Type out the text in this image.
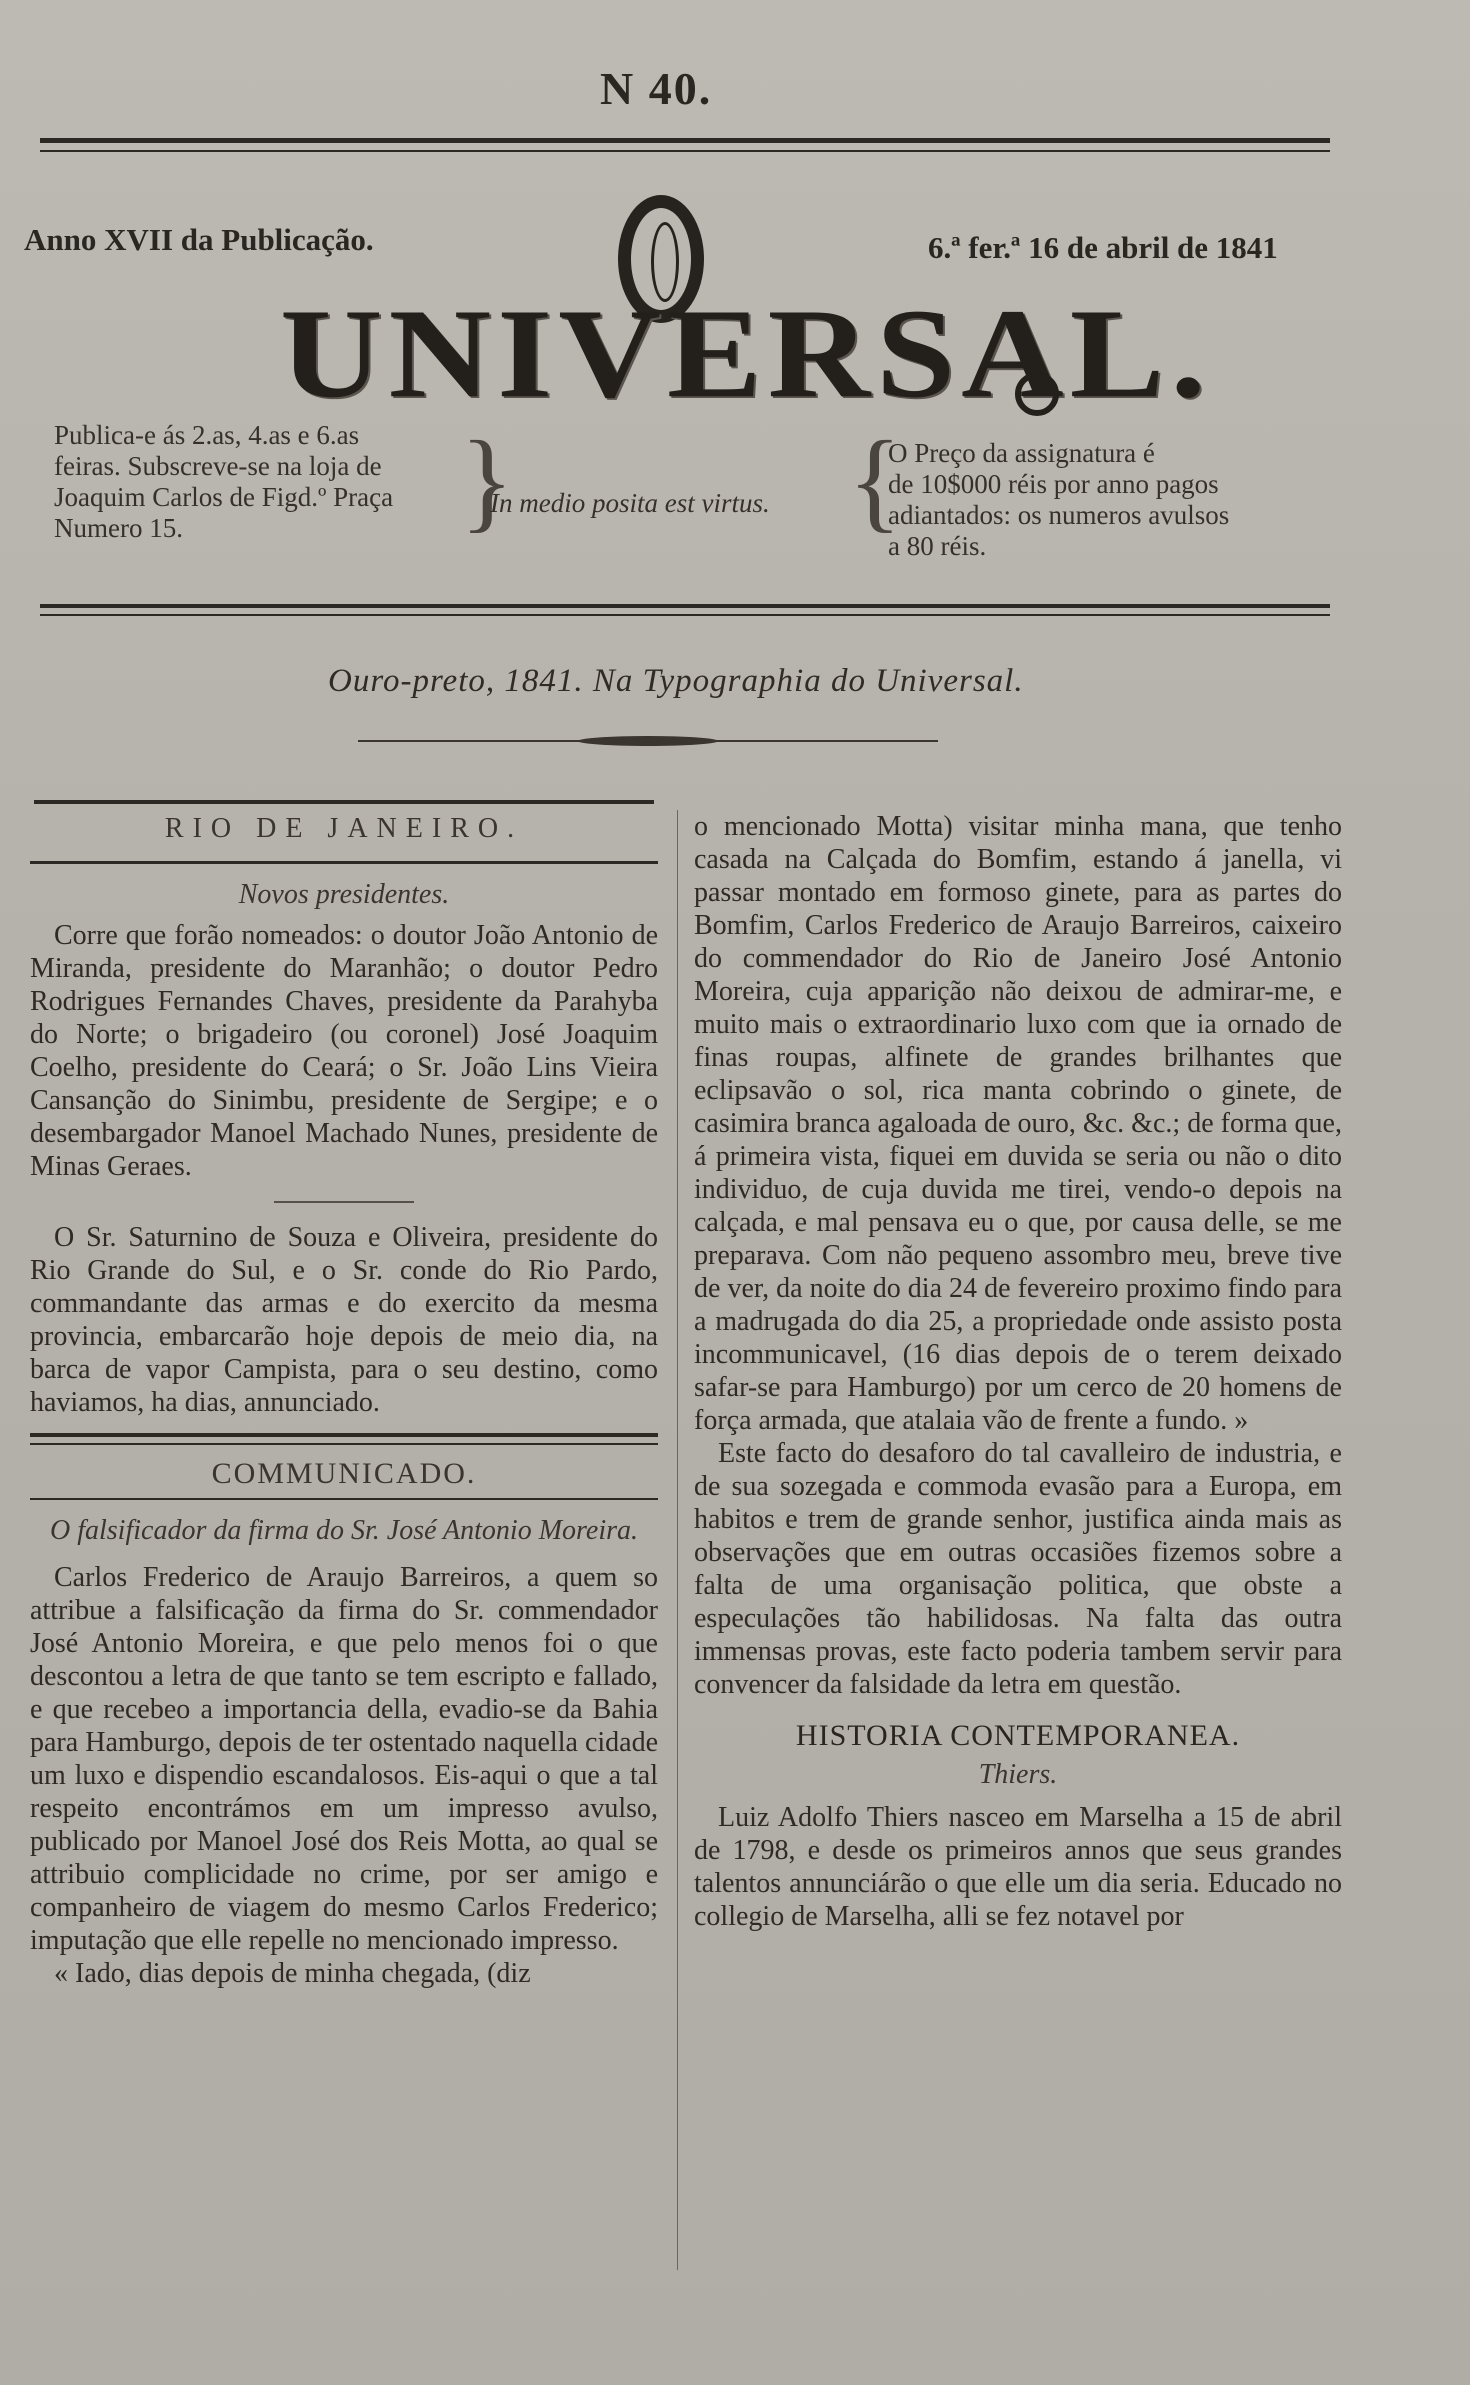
N 40.
Anno XVII da Publicação.	6.ª fer.ª 16 de abril de 1841
UNIVERSAL.
Publica-e ás 2.as, 4.as e 6.as
feiras. Subscreve-se na loja de
Joaquim Carlos de Figd.º Praça
Numero 15.	}
In medio posita est virtus. {
O Preço da assignatura é
de 10$000 réis por anno pagos
adiantados: os numeros avulsos
a 80 réis.
Ouro-preto, 1841. Na Typographia do Universal.
RIO DE JANEIRO.
Novos presidentes.

Corre que forão nomeados: o doutor João Antonio de Miranda, presidente do Maranhão; o doutor Pedro Rodrigues Fernandes Chaves, presidente da Parahyba do Norte; o brigadeiro (ou coronel) José Joaquim Coelho, presidente do Ceará; o Sr. João Lins Vieira Cansanção do Sinimbu, presidente de Sergipe; e o desembargador Manoel Machado Nunes, presidente de Minas Geraes.

O Sr. Saturnino de Souza e Oliveira, presidente do Rio Grande do Sul, e o Sr. conde do Rio Pardo, commandante das armas e do exercito da mesma provincia, embarcarão hoje depois de meio dia, na barca de vapor Campista, para o seu destino, como haviamos, ha dias, annunciado.

COMMUNICADO.
O falsificador da firma do Sr. José Antonio Moreira.

Carlos Frederico de Araujo Barreiros, a quem so attribue a falsificação da firma do Sr. commendador José Antonio Moreira, e que pelo menos foi o que descontou a letra de que tanto se tem escripto e fallado, e que recebeo a importancia della, evadio-se da Bahia para Hamburgo, depois de ter ostentado naquella cidade um luxo e dispendio escandalosos. Eis-aqui o que a tal respeito encontrámos em um impresso avulso, publicado por Manoel José dos Reis Motta, ao qual se attribuio complicidade no crime, por ser amigo e companheiro de viagem do mesmo Carlos Frederico; imputação que elle repelle no mencionado impresso.

« Iado, dias depois de minha chegada, (diz

o mencionado Motta) visitar minha mana, que tenho casada na Calçada do Bomfim, estando á janella, vi passar montado em formoso ginete, para as partes do Bomfim, Carlos Frederico de Araujo Barreiros, caixeiro do commendador do Rio de Janeiro José Antonio Moreira, cuja apparição não deixou de admirar-me, e muito mais o extraordinario luxo com que ia ornado de finas roupas, alfinete de grandes brilhantes que eclipsavão o sol, rica manta cobrindo o ginete, de casimira branca agaloada de ouro, &c. &c.; de forma que, á primeira vista, fiquei em duvida se seria ou não o dito individuo, de cuja duvida me tirei, vendo-o depois na calçada, e mal pensava eu o que, por causa delle, se me preparava. Com não pequeno assombro meu, breve tive de ver, da noite do dia 24 de fevereiro proximo findo para a madrugada do dia 25, a propriedade onde assisto posta incommunicavel, (16 dias depois de o terem deixado safar-se para Hamburgo) por um cerco de 20 homens de força armada, que atalaia vão de frente a fundo. »

Este facto do desaforo do tal cavalleiro de industria, e de sua sozegada e commoda evasão para a Europa, em habitos e trem de grande senhor, justifica ainda mais as observações que em outras occasiões fizemos sobre a falta de uma organisação politica, que obste a especulações tão habilidosas. Na falta das outra immensas provas, este facto poderia tambem servir para convencer da falsidade da letra em questão.

HISTORIA CONTEMPORANEA.
Thiers.

Luiz Adolfo Thiers nasceo em Marselha a 15 de abril de 1798, e desde os primeiros annos que seus grandes talentos annunciárão o que elle um dia seria. Educado no collegio de Marselha, alli se fez notavel por
